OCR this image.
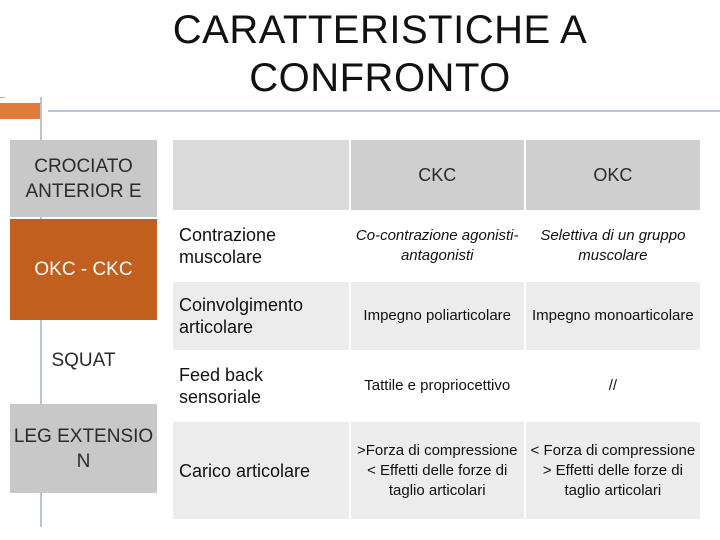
CARATTERISTICHE A CONFRONTO
CROCIATO ANTERIOR E
OKC - CKC
SQUAT
LEG EXTENSIO N
	CKC	OKC
Contrazione muscolare	Co-contrazione agonisti-antagonisti	Selettiva di un gruppo muscolare
Coinvolgimento articolare	Impegno poliarticolare	Impegno monoarticolare
Feed back sensoriale	Tattile e propriocettivo	//
Carico articolare	>Forza di compressione < Effetti delle forze di taglio articolari	< Forza di compressione > Effetti delle forze di taglio articolari
